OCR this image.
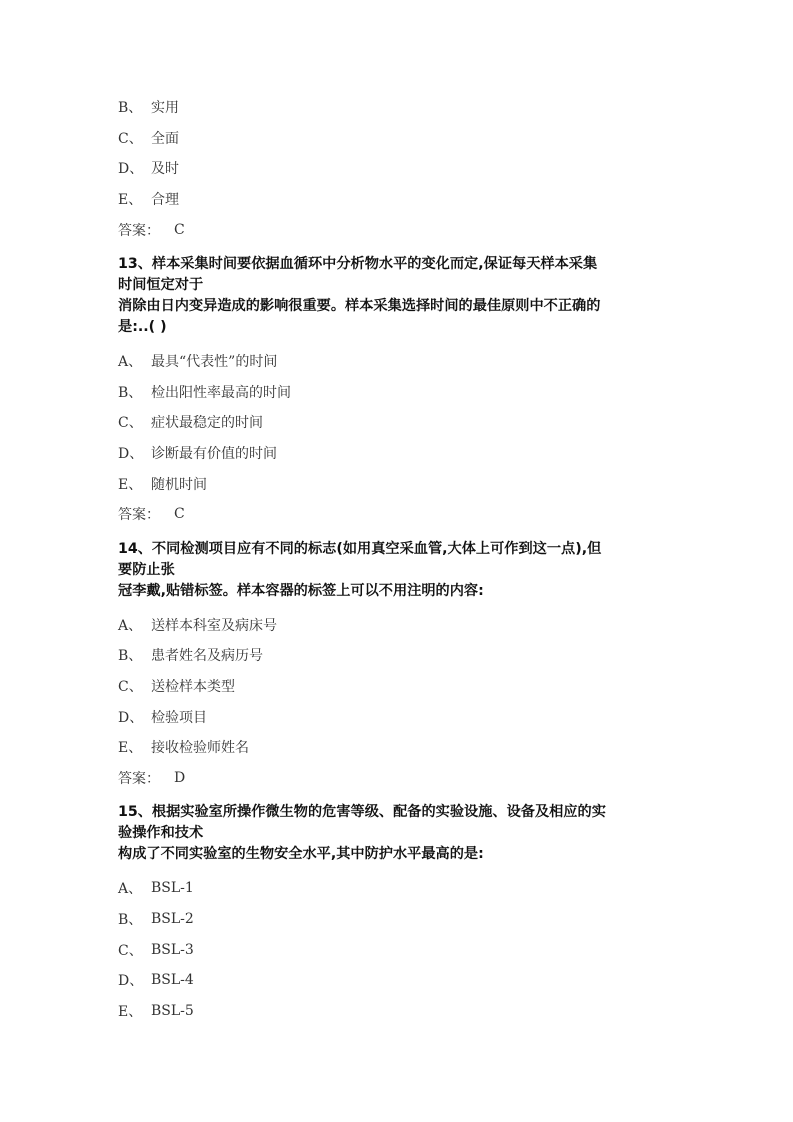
B、 实用
C、 全面
D、 及时
E、 合理
答案：	C
13、样本采集时间要依据血循环中分析物水平的变化而定,保证每天样本采集
时间恒定对于
消除由日内变异造成的影响很重要。样本采集选择时间的最佳原则中不正确的
是:..( )
A、 最具“代表性”的时间
B、 检出阳性率最高的时间
C、 症状最稳定的时间
D、 诊断最有价值的时间
E、 随机时间
答案：	C
14、不同检测项目应有不同的标志(如用真空采血管,大体上可作到这一点),但
要防止张
冠李戴,贴错标签。样本容器的标签上可以不用注明的内容:
A、 送样本科室及病床号
B、 患者姓名及病历号
C、 送检样本类型
D、 检验项目
E、 接收检验师姓名
答案：	D
15、根据实验室所操作微生物的危害等级、配备的实验设施、设备及相应的实
验操作和技术
构成了不同实验室的生物安全水平,其中防护水平最高的是:
A、 BSL-1
B、 BSL-2
C、 BSL-3
D、 BSL-4
E、 BSL-5
